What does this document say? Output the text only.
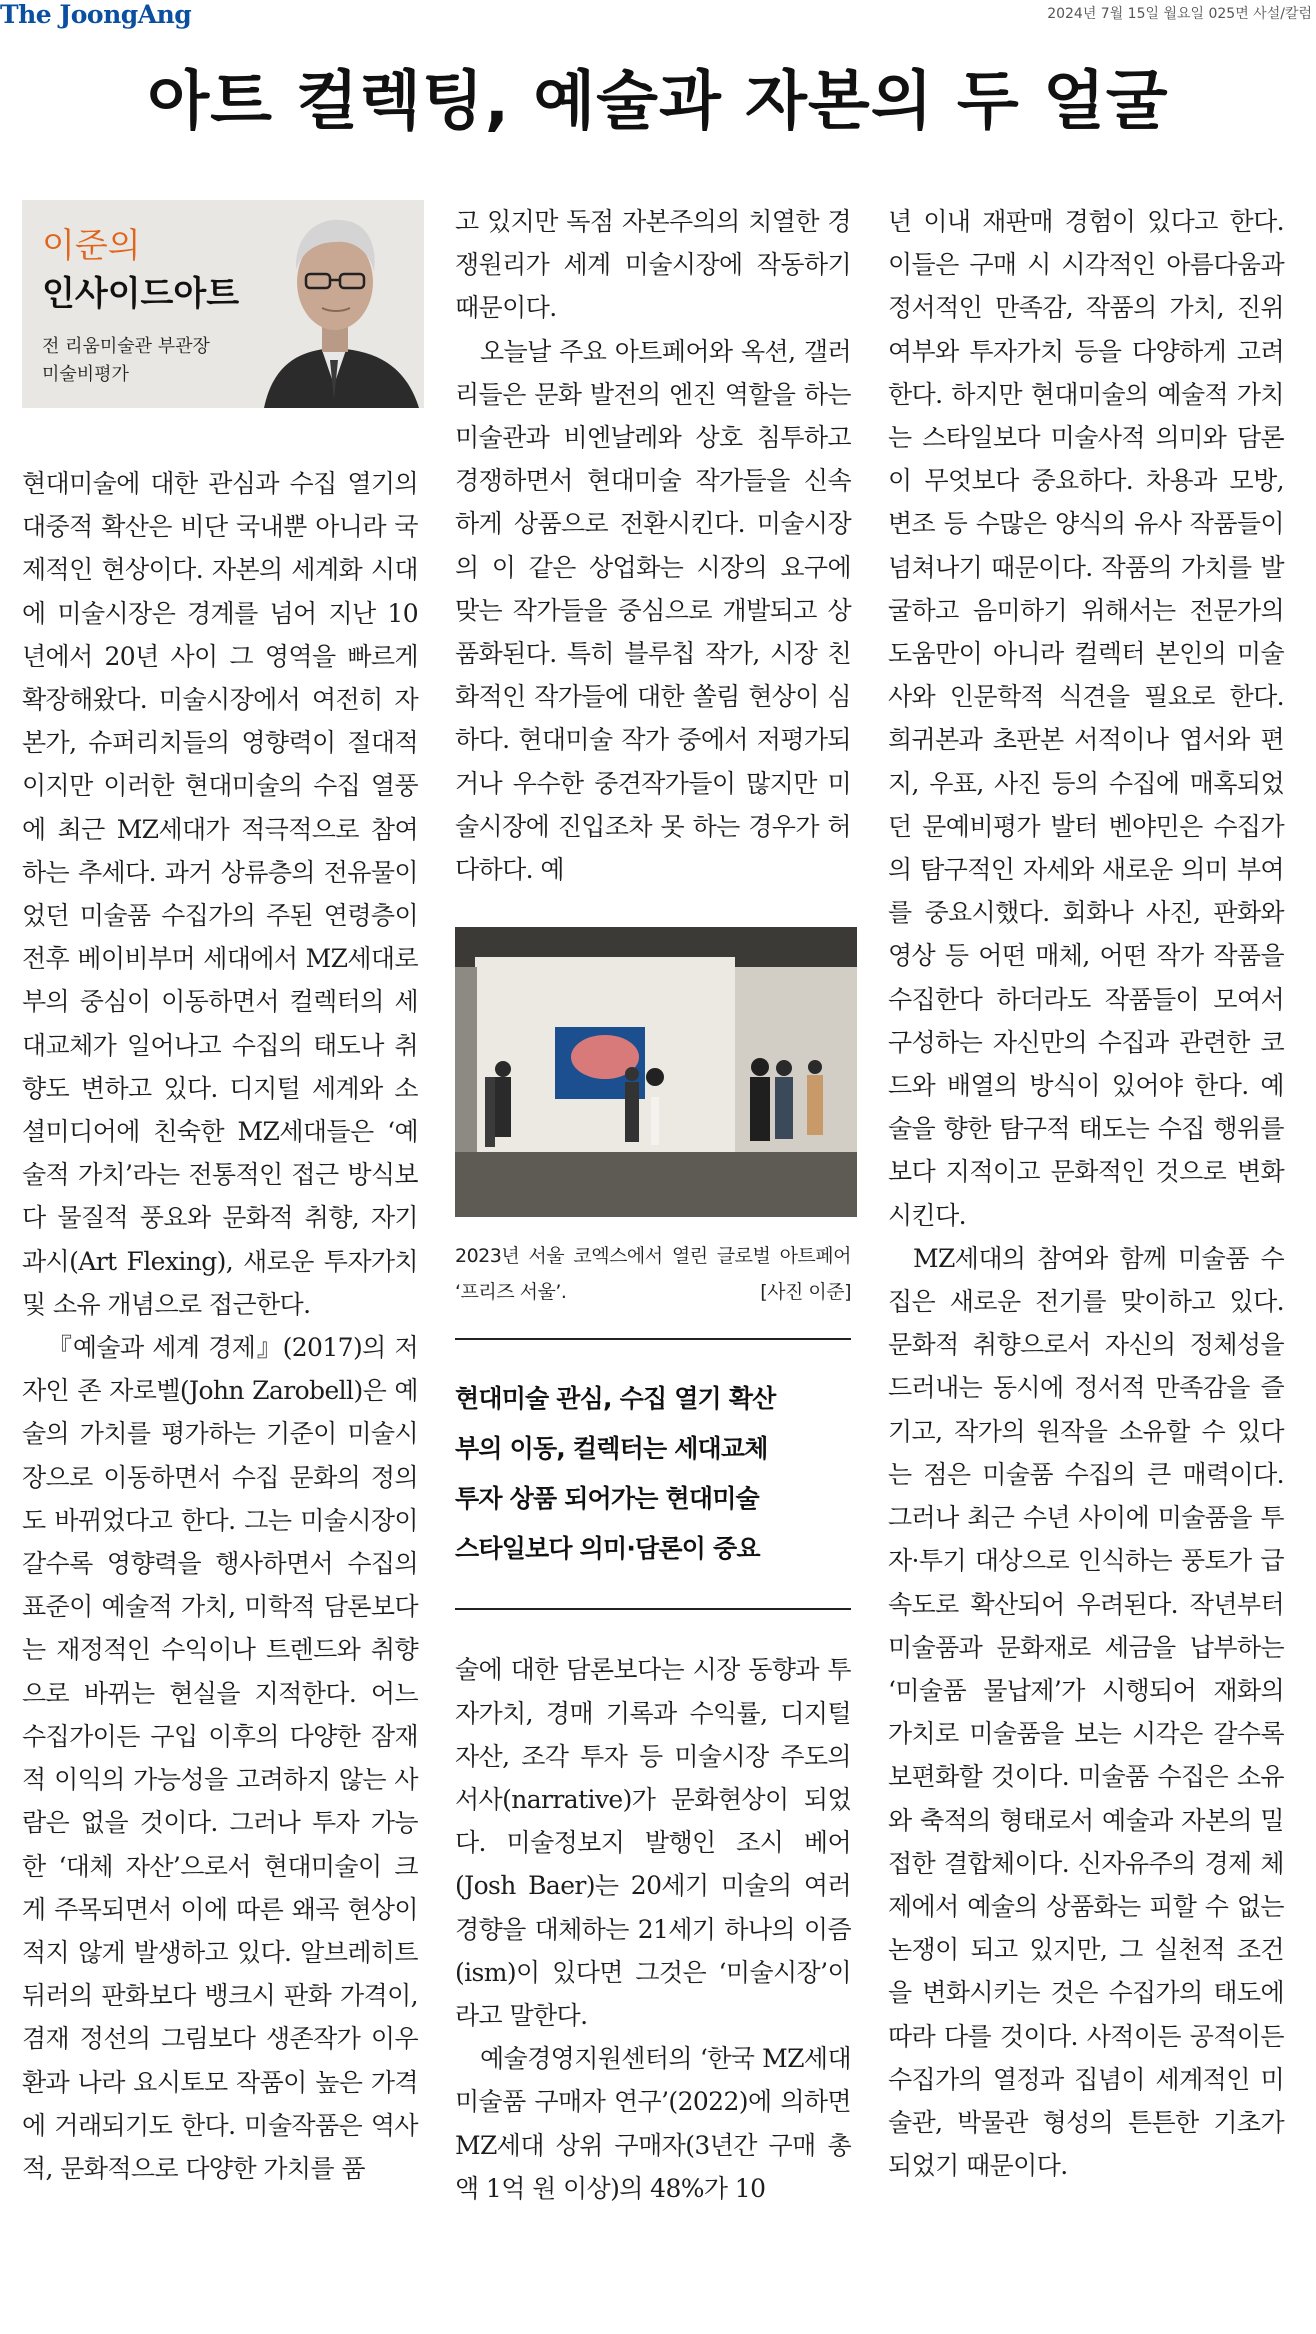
The JoongAng	2024년 7월 15일 월요일 025면 사설/칼럼
아트 컬렉팅, 예술과 자본의 두 얼굴
이준의
인사이드아트
전 리움미술관 부관장
미술비평가

현대미술에 대한 관심과 수집 열기의 대중적 확산은 비단 국내뿐 아니라 국제적인 현상이다. 자본의 세계화 시대에 미술시장은 경계를 넘어 지난 10년에서 20년 사이 그 영역을 빠르게 확장해왔다. 미술시장에서 여전히 자본가, 슈퍼리치들의 영향력이 절대적이지만 이러한 현대미술의 수집 열풍에 최근 MZ세대가 적극적으로 참여하는 추세다. 과거 상류층의 전유물이었던 미술품 수집가의 주된 연령층이 전후 베이비부머 세대에서 MZ세대로 부의 중심이 이동하면서 컬렉터의 세대교체가 일어나고 수집의 태도나 취향도 변하고 있다. 디지털 세계와 소셜미디어에 친숙한 MZ세대들은 ‘예술적 가치’라는 전통적인 접근 방식보다 물질적 풍요와 문화적 취향, 자기 과시(Art Flexing), 새로운 투자가치 및 소유 개념으로 접근한다.

『예술과 세계 경제』(2017)의 저자인 존 자로벨(John Zarobell)은 예술의 가치를 평가하는 기준이 미술시장으로 이동하면서 수집 문화의 정의도 바뀌었다고 한다. 그는 미술시장이 갈수록 영향력을 행사하면서 수집의 표준이 예술적 가치, 미학적 담론보다는 재정적인 수익이나 트렌드와 취향으로 바뀌는 현실을 지적한다. 어느 수집가이든 구입 이후의 다양한 잠재적 이익의 가능성을 고려하지 않는 사람은 없을 것이다. 그러나 투자 가능한 ‘대체 자산’으로서 현대미술이 크게 주목되면서 이에 따른 왜곡 현상이 적지 않게 발생하고 있다. 알브레히트 뒤러의 판화보다 뱅크시 판화 가격이, 겸재 정선의 그림보다 생존작가 이우환과 나라 요시토모 작품이 높은 가격에 거래되기도 한다. 미술작품은 역사적, 문화적으로 다양한 가치를 품

고 있지만 독점 자본주의의 치열한 경쟁원리가 세계 미술시장에 작동하기 때문이다.

오늘날 주요 아트페어와 옥션, 갤러리들은 문화 발전의 엔진 역할을 하는 미술관과 비엔날레와 상호 침투하고 경쟁하면서 현대미술 작가들을 신속하게 상품으로 전환시킨다. 미술시장의 이 같은 상업화는 시장의 요구에 맞는 작가들을 중심으로 개발되고 상품화된다. 특히 블루칩 작가, 시장 친화적인 작가들에 대한 쏠림 현상이 심하다. 현대미술 작가 중에서 저평가되거나 우수한 중견작가들이 많지만 미술시장에 진입조차 못 하는 경우가 허다하다. 예

2023년 서울 코엑스에서 열린 글로벌 아트페어 ‘프리즈 서울’.	[사진 이준]

현대미술 관심, 수집 열기 확산

부의 이동, 컬렉터는 세대교체

투자 상품 되어가는 현대미술

스타일보다 의미·담론이 중요

술에 대한 담론보다는 시장 동향과 투자가치, 경매 기록과 수익률, 디지털 자산, 조각 투자 등 미술시장 주도의 서사(narrative)가 문화현상이 되었다. 미술정보지 발행인 조시 베어(Josh Baer)는 20세기 미술의 여러 경향을 대체하는 21세기 하나의 이즘(ism)이 있다면 그것은 ‘미술시장’이라고 말한다.

예술경영지원센터의 ‘한국 MZ세대 미술품 구매자 연구’(2022)에 의하면 MZ세대 상위 구매자(3년간 구매 총액 1억 원 이상)의 48%가 10

년 이내 재판매 경험이 있다고 한다. 이들은 구매 시 시각적인 아름다움과 정서적인 만족감, 작품의 가치, 진위 여부와 투자가치 등을 다양하게 고려한다. 하지만 현대미술의 예술적 가치는 스타일보다 미술사적 의미와 담론이 무엇보다 중요하다. 차용과 모방, 변조 등 수많은 양식의 유사 작품들이 넘쳐나기 때문이다. 작품의 가치를 발굴하고 음미하기 위해서는 전문가의 도움만이 아니라 컬렉터 본인의 미술사와 인문학적 식견을 필요로 한다. 희귀본과 초판본 서적이나 엽서와 편지, 우표, 사진 등의 수집에 매혹되었던 문예비평가 발터 벤야민은 수집가의 탐구적인 자세와 새로운 의미 부여를 중요시했다. 회화나 사진, 판화와 영상 등 어떤 매체, 어떤 작가 작품을 수집한다 하더라도 작품들이 모여서 구성하는 자신만의 수집과 관련한 코드와 배열의 방식이 있어야 한다. 예술을 향한 탐구적 태도는 수집 행위를 보다 지적이고 문화적인 것으로 변화시킨다.

MZ세대의 참여와 함께 미술품 수집은 새로운 전기를 맞이하고 있다. 문화적 취향으로서 자신의 정체성을 드러내는 동시에 정서적 만족감을 즐기고, 작가의 원작을 소유할 수 있다는 점은 미술품 수집의 큰 매력이다. 그러나 최근 수년 사이에 미술품을 투자·투기 대상으로 인식하는 풍토가 급속도로 확산되어 우려된다. 작년부터 미술품과 문화재로 세금을 납부하는 ‘미술품 물납제’가 시행되어 재화의 가치로 미술품을 보는 시각은 갈수록 보편화할 것이다. 미술품 수집은 소유와 축적의 형태로서 예술과 자본의 밀접한 결합체이다. 신자유주의 경제 체제에서 예술의 상품화는 피할 수 없는 논쟁이 되고 있지만, 그 실천적 조건을 변화시키는 것은 수집가의 태도에 따라 다를 것이다. 사적이든 공적이든 수집가의 열정과 집념이 세계적인 미술관, 박물관 형성의 튼튼한 기초가 되었기 때문이다.
